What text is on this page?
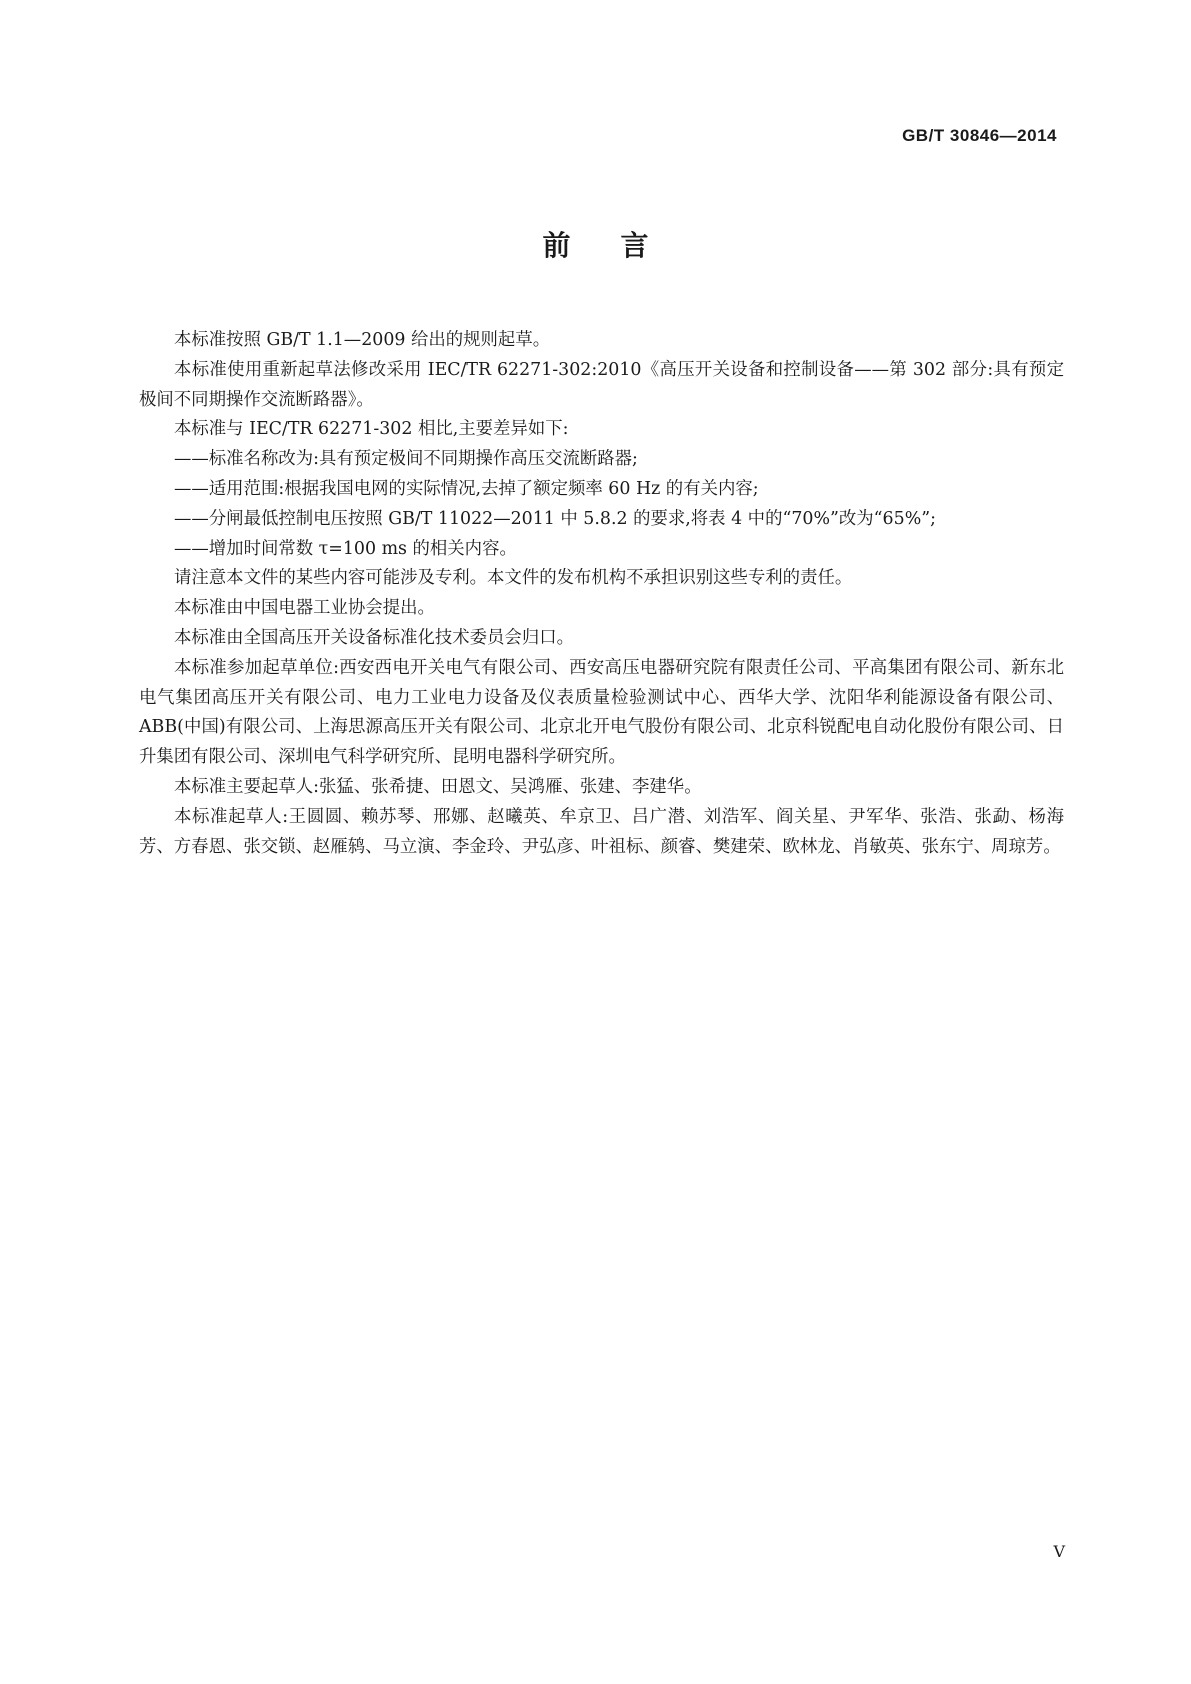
GB/T 30846—2014
前言

本标准按照 GB/T 1.1—2009 给出的规则起草。

本标准使用重新起草法修改采用 IEC/TR 62271-302:2010《高压开关设备和控制设备——第 302 部分:具有预定极间不同期操作交流断路器》。

本标准与 IEC/TR 62271-302 相比,主要差异如下:

——标准名称改为:具有预定极间不同期操作高压交流断路器;

——适用范围:根据我国电网的实际情况,去掉了额定频率 60 Hz 的有关内容;

——分闸最低控制电压按照 GB/T 11022—2011 中 5.8.2 的要求,将表 4 中的“70%”改为“65%”;

——增加时间常数 τ=100 ms 的相关内容。

请注意本文件的某些内容可能涉及专利。本文件的发布机构不承担识别这些专利的责任。

本标准由中国电器工业协会提出。

本标准由全国高压开关设备标准化技术委员会归口。

本标准参加起草单位:西安西电开关电气有限公司、西安高压电器研究院有限责任公司、平高集团有限公司、新东北电气集团高压开关有限公司、电力工业电力设备及仪表质量检验测试中心、西华大学、沈阳华利能源设备有限公司、ABB(中国)有限公司、上海思源高压开关有限公司、北京北开电气股份有限公司、北京科锐配电自动化股份有限公司、日升集团有限公司、深圳电气科学研究所、昆明电器科学研究所。

本标准主要起草人:张猛、张希捷、田恩文、吴鸿雁、张建、李建华。

本标准起草人:王圆圆、赖苏琴、邢娜、赵曦英、牟京卫、吕广潜、刘浩军、阎关星、尹军华、张浩、张勐、杨海芳、方春恩、张交锁、赵雁鸫、马立演、李金玲、尹弘彦、叶祖标、颜睿、樊建荣、欧林龙、肖敏英、张东宁、周琼芳。

V
